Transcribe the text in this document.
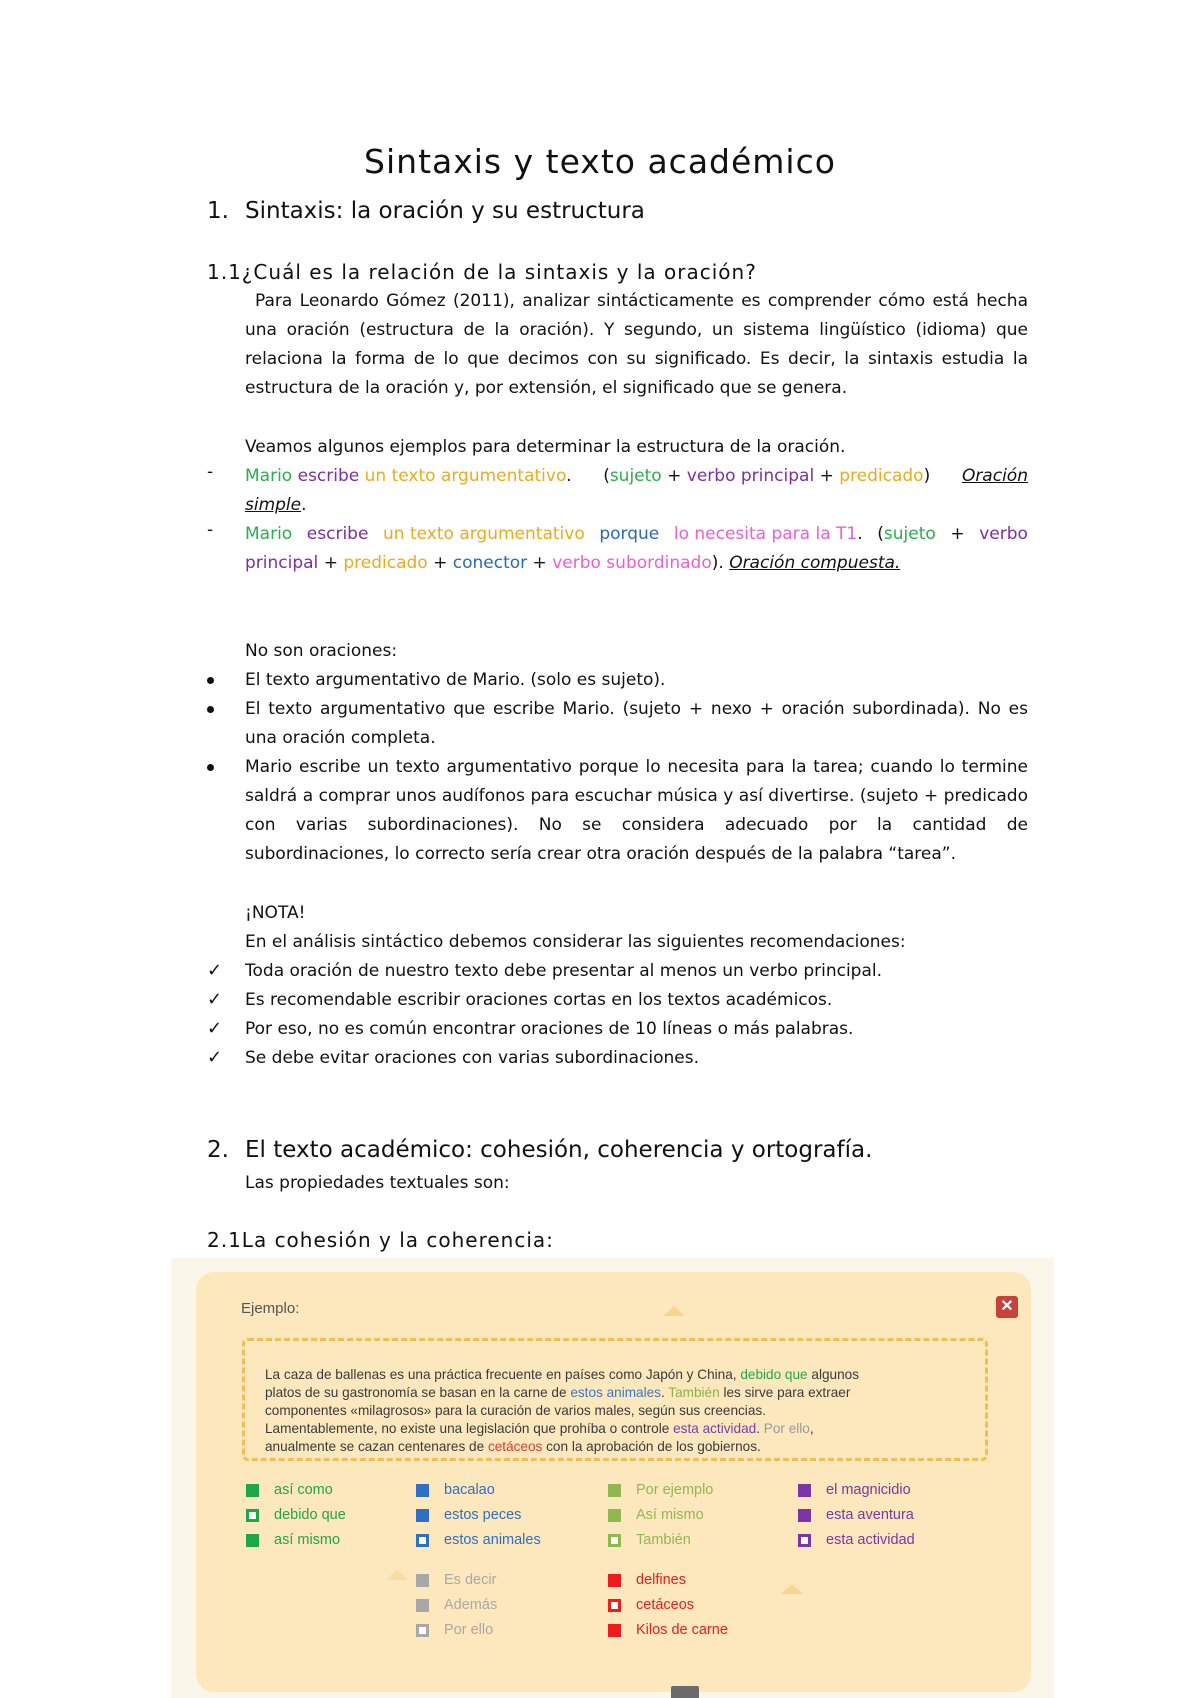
Sintaxis y texto académico
1. Sintaxis: la oración y su estructura
1.1¿Cuál es la relación de la sintaxis y la oración?
Para Leonardo Gómez (2011), analizar sintácticamente es comprender cómo está hecha una oración (estructura de la oración). Y segundo, un sistema lingüístico (idioma) que relaciona la forma de lo que decimos con su significado. Es decir, la sintaxis estudia la estructura de la oración y, por extensión, el significado que se genera.
Veamos algunos ejemplos para determinar la estructura de la oración.
- Mario escribe un texto argumentativo. (sujeto + verbo principal + predicado) Oración
simple.
- Mario escribe un texto argumentativo porque lo necesita para la T1. (sujeto + verbo
principal + predicado + conector + verbo subordinado). Oración compuesta.
No son oraciones:
El texto argumentativo de Mario. (solo es sujeto).
El texto argumentativo que escribe Mario. (sujeto + nexo + oración subordinada). No es una oración completa.
Mario escribe un texto argumentativo porque lo necesita para la tarea; cuando lo termine saldrá a comprar unos audífonos para escuchar música y así divertirse. (sujeto + predicado con varias subordinaciones). No se considera adecuado por la cantidad de subordinaciones, lo correcto sería crear otra oración después de la palabra “tarea”.
¡NOTA!
En el análisis sintáctico debemos considerar las siguientes recomendaciones:
✓ Toda oración de nuestro texto debe presentar al menos un verbo principal.
✓ Es recomendable escribir oraciones cortas en los textos académicos.
✓ Por eso, no es común encontrar oraciones de 10 líneas o más palabras.
✓ Se debe evitar oraciones con varias subordinaciones.
2. El texto académico: cohesión, coherencia y ortografía.
Las propiedades textuales son:
2.1La cohesión y la coherencia:
Ejemplo:	✕
La caza de ballenas es una práctica frecuente en países como Japón y China, debido que algunos
platos de su gastronomía se basan en la carne de estos animales. También les sirve para extraer
componentes «milagrosos» para la curación de varios males, según sus creencias.
Lamentablemente, no existe una legislación que prohíba o controle esta actividad. Por ello,
anualmente se cazan centenares de cetáceos con la aprobación de los gobiernos.
así como
debido que
así mismo
bacalao
estos peces
estos animales
Por ejemplo
Así mismo
También
el magnicidio
esta aventura
esta actividad
Es decir
Además
Por ello
delfines
cetáceos
Kilos de carne
